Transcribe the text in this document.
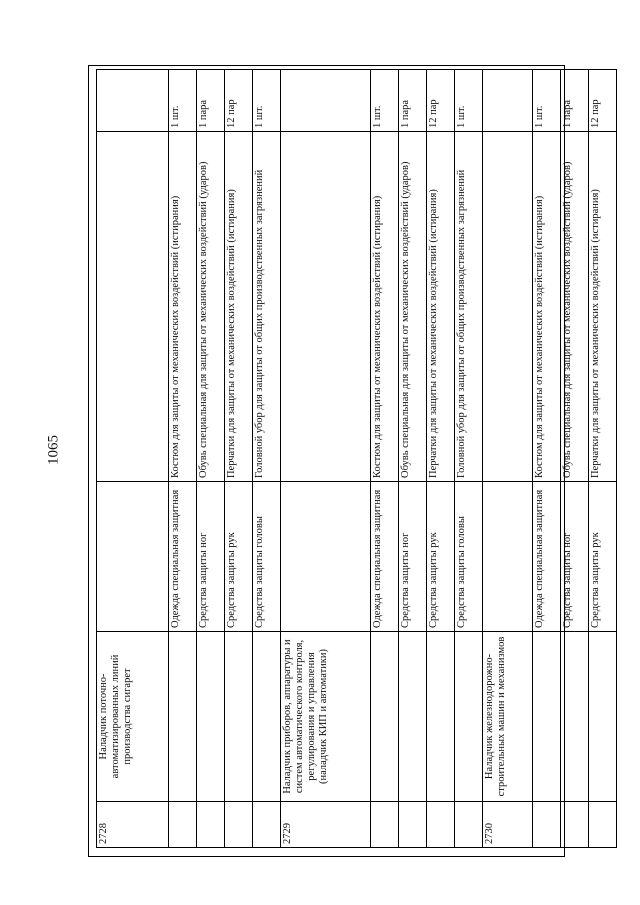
1065
2728	Наладчик поточно-автоматизированных линий производства сигарет			
		Одежда специальная защитная	Костюм для защиты от механических воздействий (истирания)	1 шт.
		Средства защиты ног	Обувь специальная для защиты от механических воздействий (ударов)	1 пара
		Средства защиты рук	Перчатки для защиты от механических воздействий (истирания)	12 пар
		Средства защиты головы	Головной убор для защиты от общих производственных загрязнений	1 шт.
2729	Наладчик приборов, аппаратуры и систем автоматического контроля, регулирования и управления (наладчик КИП и автоматики)			
		Одежда специальная защитная	Костюм для защиты от механических воздействий (истирания)	1 шт.
		Средства защиты ног	Обувь специальная для защиты от механических воздействий (ударов)	1 пара
		Средства защиты рук	Перчатки для защиты от механических воздействий (истирания)	12 пар
		Средства защиты головы	Головной убор для защиты от общих производственных загрязнений	1 шт.
2730	Наладчик железнодорожно-строительных машин и механизмов			
		Одежда специальная защитная	Костюм для защиты от механических воздействий (истирания)	1 шт.
		Средства защиты ног	Обувь специальная для защиты от механических воздействий (ударов)	1 пара
		Средства защиты рук	Перчатки для защиты от механических воздействий (истирания)	12 пар
